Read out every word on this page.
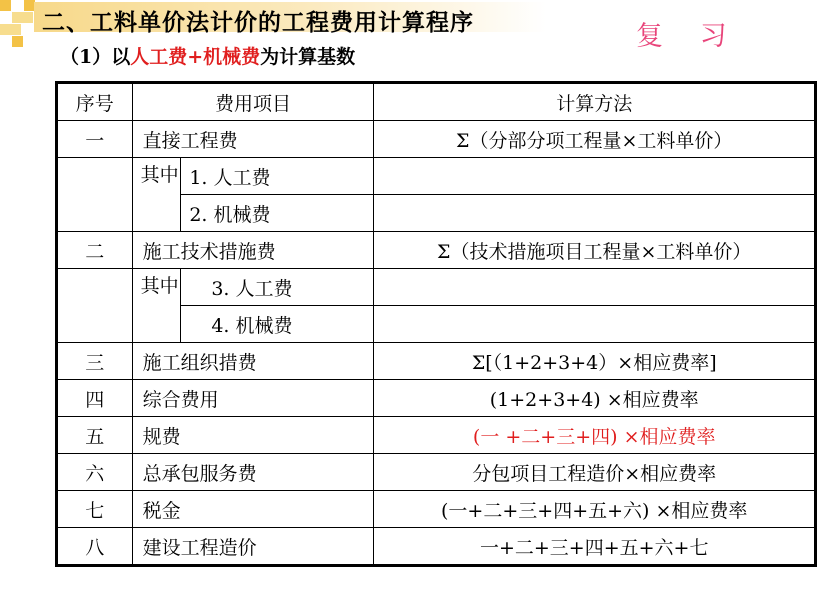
二、工料单价法计价的工程费用计算程序	复 习
（1）以人工费+机械费为计算基数
序号	费用项目		计算方法
一	直接工程费		Σ（分部分项工程量×工料单价）
	其中	1. 人工费	
		2. 机械费	
二	施工技术措施费		Σ（技术措施项目工程量×工料单价）
	其中	3. 人工费	
		4. 机械费	
三	施工组织措费		Σ[（1+2+3+4）×相应费率]
四	综合费用		(1+2+3+4) ×相应费率
五	规费		(一 +二+三+四) ×相应费率
六	总承包服务费		分包项目工程造价×相应费率
七	税金		(一+二+三+四+五+六) ×相应费率
八	建设工程造价		一+二+三+四+五+六+七
